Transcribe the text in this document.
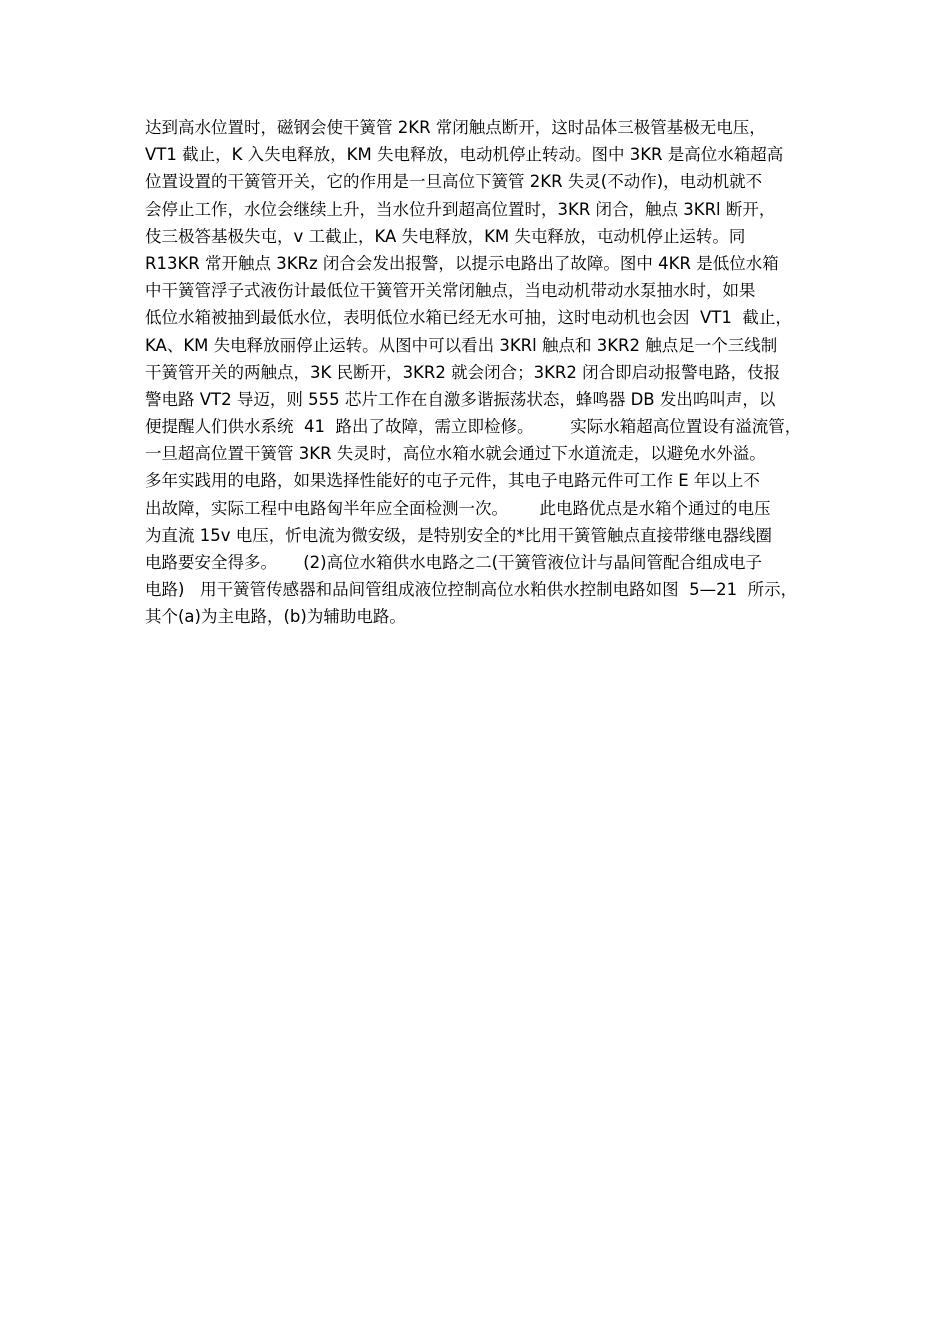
达到高水位置时，磁钢会使干簧管 2KR 常闭触点断开，这时品体三极管基极无电压，
VT1 截止，K 入失电释放，KM 失电释放，电动机停止转动。图中 3KR 是高位水箱超高
位置设置的干簧管开关，它的作用是一旦高位下簧管 2KR 失灵(不动作)，电动机就不
会停止工作，水位会继续上升，当水位升到超高位置时，3KR 闭合，触点 3KRl 断开，
伎三极答基极失屯，v 工截止，KA 失电释放，KM 失屯释放，屯动机停止运转。同
R13KR 常开触点 3KRz 闭合会发出报警，以提示电路出了故障。图中 4KR 是低位水箱
中干簧管浮子式液伤计最低位干簧管开关常闭触点，当电动机带动水泵抽水时，如果
低位水箱被抽到最低水位，表明低位水箱已经无水可抽，这时电动机也会因  VT1  截止，
KA、KM 失电释放丽停止运转。从图中可以看出 3KRl 触点和 3KR2 触点足一个三线制
干簧管开关的两触点，3K 民断开，3KR2 就会闭合；3KR2 闭合即启动报警电路，伎报
警电路 VT2 导迈，则 555 芯片工作在自激多谐振荡状态，蜂鸣器 DB 发出呜叫声，以
便提醒人们供水系统  41  路出了故障，需立即检修。       实际水箱超高位置设有溢流管，
一旦超高位置干簧管 3KR 失灵时，高位水箱水就会通过下水道流走，以避免水外溢。
多年实践用的电路，如果选择性能好的屯子元件，其电子电路元件可工作 E 年以上不
出故障，实际工程中电路匈半年应全面检测一次。      此电路优点是水箱个通过的电压
为直流 15v 电压，忻电流为微安级，是特别安全的*比用干簧管触点直接带继电器线圈
电路要安全得多。     (2)高位水箱供水电路之二(干簧管液位计与晶间管配合组成电子
电路)   用干簧管传感器和品间管组成液位控制高位水粕供水控制电路如图  5—21  所示，
其个(a)为主电路，(b)为辅助电路。
